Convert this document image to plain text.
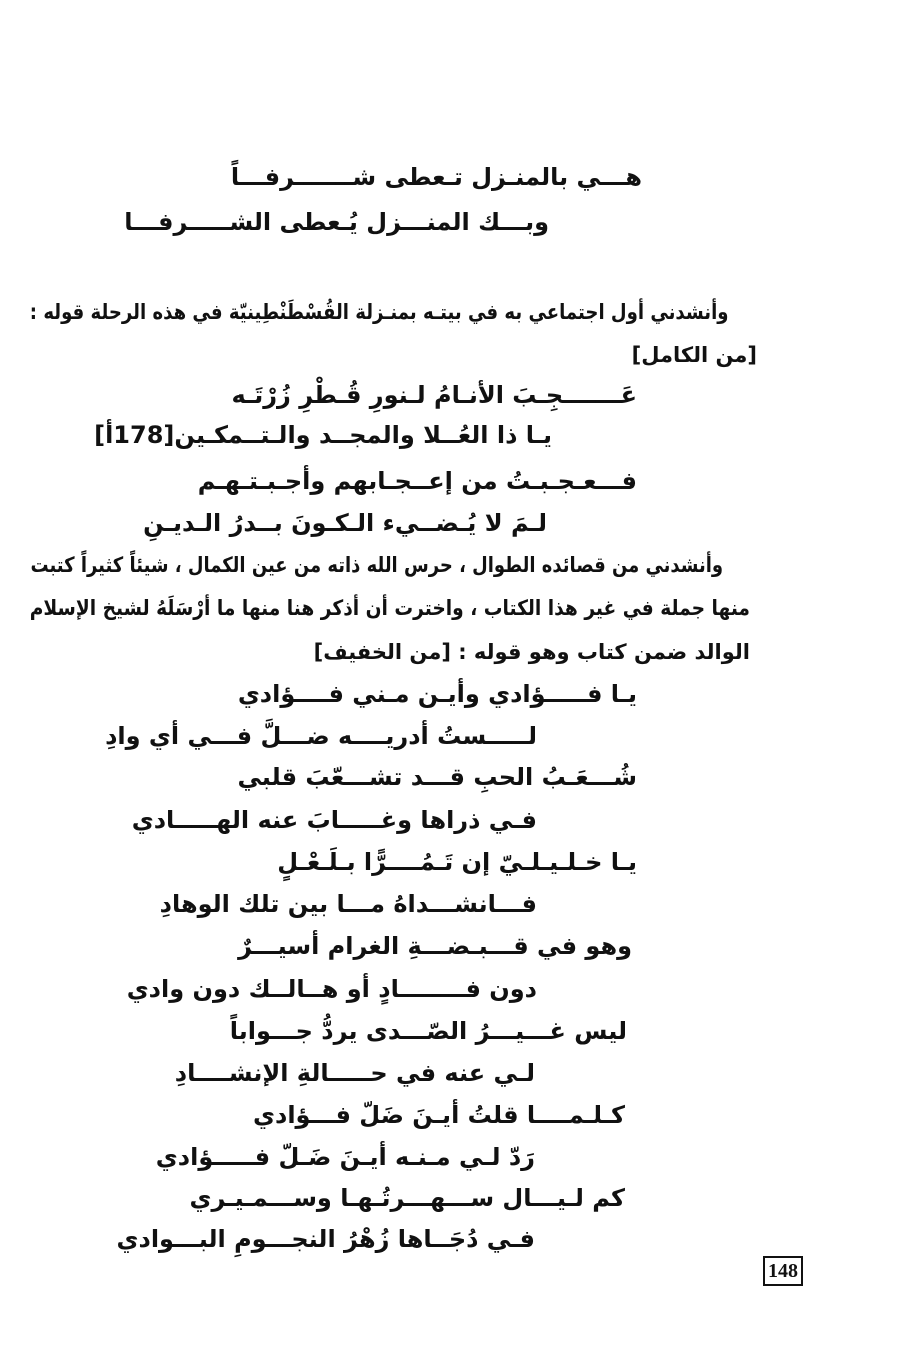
هـــي بالمنـزل تـعطى شـــــــرفـــاً
وبـــك المنـــزل يُـعطى الشـــــرفـــا
وأنشدني أول اجتماعي به في بيتـه بمنـزلة القُسْطَنْطِينيّة في هذه الرحلة قوله :
[من الكامل]
عَـــــــجِـبَ الأنـامُ لـنورِ قُـطْرِ زُرْتَـه
يـا ذا العُــلا والمجــد والـتــمكـين[178أ]
فـــعـجـبـتُ من إعــجـابهم وأجـبـتـهـم
لـمَ لا يُـضــيء الـكـونَ بــدرُ الـديـنِ
وأنشدني من قصائده الطوال ، حرس الله ذاته من عين الكمال ، شيئاً كثيراً كتبت
منها جملة في غير هذا الكتاب ، واخترت أن أذكر هنا منها ما أرْسَلَهُ لشيخ الإسلام
الوالد ضمن كتاب وهو قوله : [من الخفيف]
يـا فـــــؤادي وأيـن مـني فــــؤادي
لـــــستُ أدريــــه ضـــلَّ فـــي أي وادِ
شُـــعَـبُ الحبِ قـــد تشـــعّبَ قلبي
فـي ذراها وغـــــابَ عنه الهـــــادي
يـا خـلـيـلـيّ إن تَـمُــــرًّا بـلَـعْـلٍ
فـــانشـــداهُ مـــا بين تلك الوهادِ
وهو في قـــبـضـــةِ الغرام أسيـــرٌ
دون فــــــــادٍ أو هــالــك دون وادي
ليس غـــيـــرُ الصّـــدى يردُّ جـــواباً
لـي عنه في حـــــالةِ الإنشــــادِ
كـلـمــــا قلتُ أيـنَ ضَلّ فـــؤادي
رَدّ لـي مـنـه أيـنَ ضَـلّ فـــــؤادي
كم لـيـــال ســـهـــرتُـهـا وســـمـيـري
فـي دُجَــاها زُهْرُ النجـــومِ البـــوادي
148
